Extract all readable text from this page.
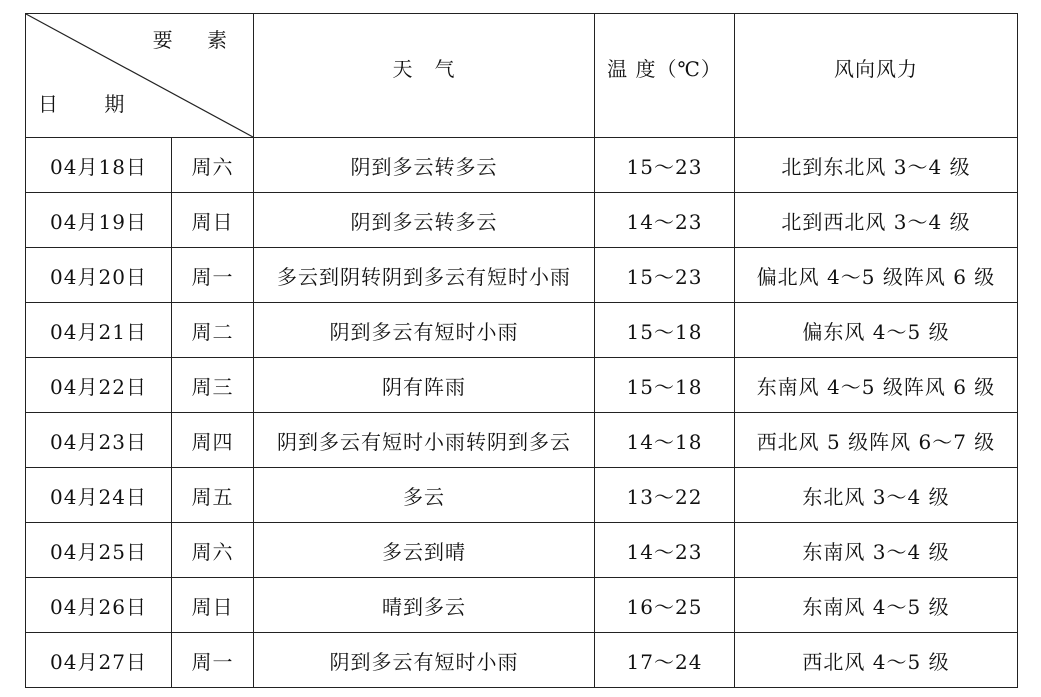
要 素
日 期		天　气	温 度（℃）	风向风力
04月18日	周六	阴到多云转多云	15～23	北到东北风 3～4 级
04月19日	周日	阴到多云转多云	14～23	北到西北风 3～4 级
04月20日	周一	多云到阴转阴到多云有短时小雨	15～23	偏北风 4～5 级阵风 6 级
04月21日	周二	阴到多云有短时小雨	15～18	偏东风 4～5 级
04月22日	周三	阴有阵雨	15～18	东南风 4～5 级阵风 6 级
04月23日	周四	阴到多云有短时小雨转阴到多云	14～18	西北风 5 级阵风 6～7 级
04月24日	周五	多云	13～22	东北风 3～4 级
04月25日	周六	多云到晴	14～23	东南风 3～4 级
04月26日	周日	晴到多云	16～25	东南风 4～5 级
04月27日	周一	阴到多云有短时小雨	17～24	西北风 4～5 级
